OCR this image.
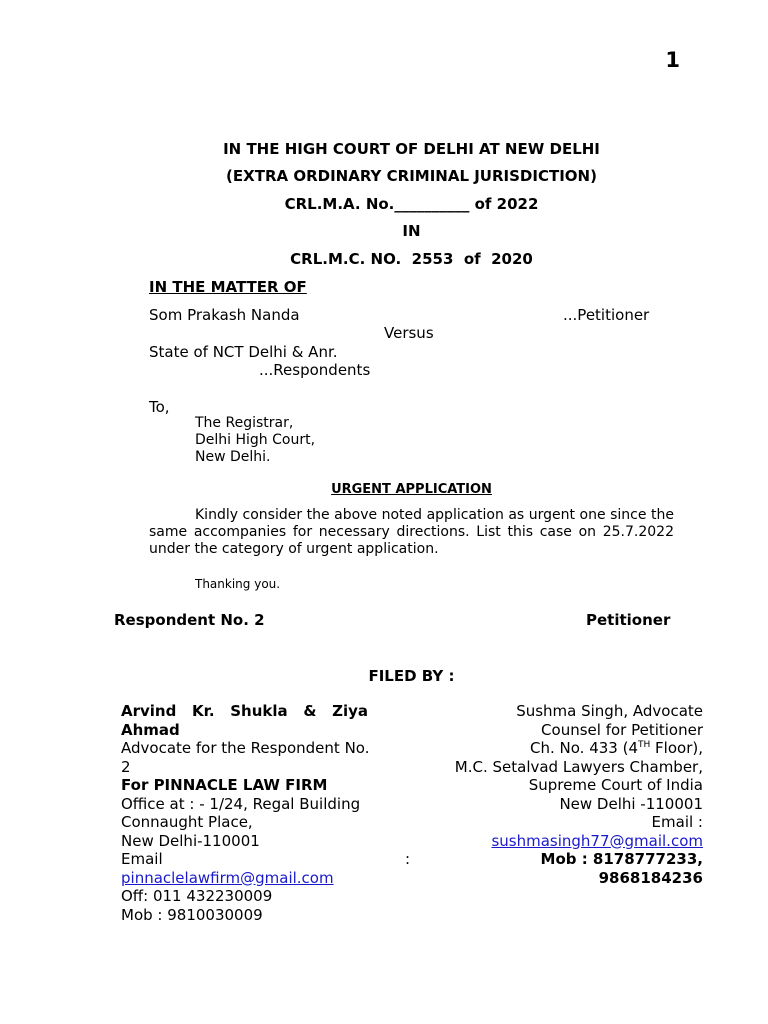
1
IN THE HIGH COURT OF DELHI AT NEW DELHI
(EXTRA ORDINARY CRIMINAL JURISDICTION)
CRL.M.A. No.__________ of 2022
IN
CRL.M.C. NO.  2553  of  2020
IN THE MATTER OF
Som Prakash Nanda	...Petitioner
Versus
State of NCT Delhi & Anr.
...Respondents
To,
The Registrar,
Delhi High Court,
New Delhi.
URGENT APPLICATION
Kindly consider the above noted application as urgent one since the same accompanies for necessary directions. List this case on 25.7.2022 under the category of urgent application.
Thanking you.
Respondent No. 2	Petitioner
FILED BY :
Arvind   Kr.   Shukla   &   Ziya
Ahmad
Advocate for the Respondent No.
2
For PINNACLE LAW FIRM
Office at : - 1/24, Regal Building
Connaught Place,
New Delhi-110001
Email	:
pinnaclelawfirm@gmail.com
Off: 011 432230009
Mob : 9810030009
Sushma Singh, Advocate
Counsel for Petitioner
Ch. No. 433 (4TH Floor),
M.C. Setalvad Lawyers Chamber,
Supreme Court of India
New Delhi -110001
Email :
sushmasingh77@gmail.com
Mob : 8178777233,
9868184236
